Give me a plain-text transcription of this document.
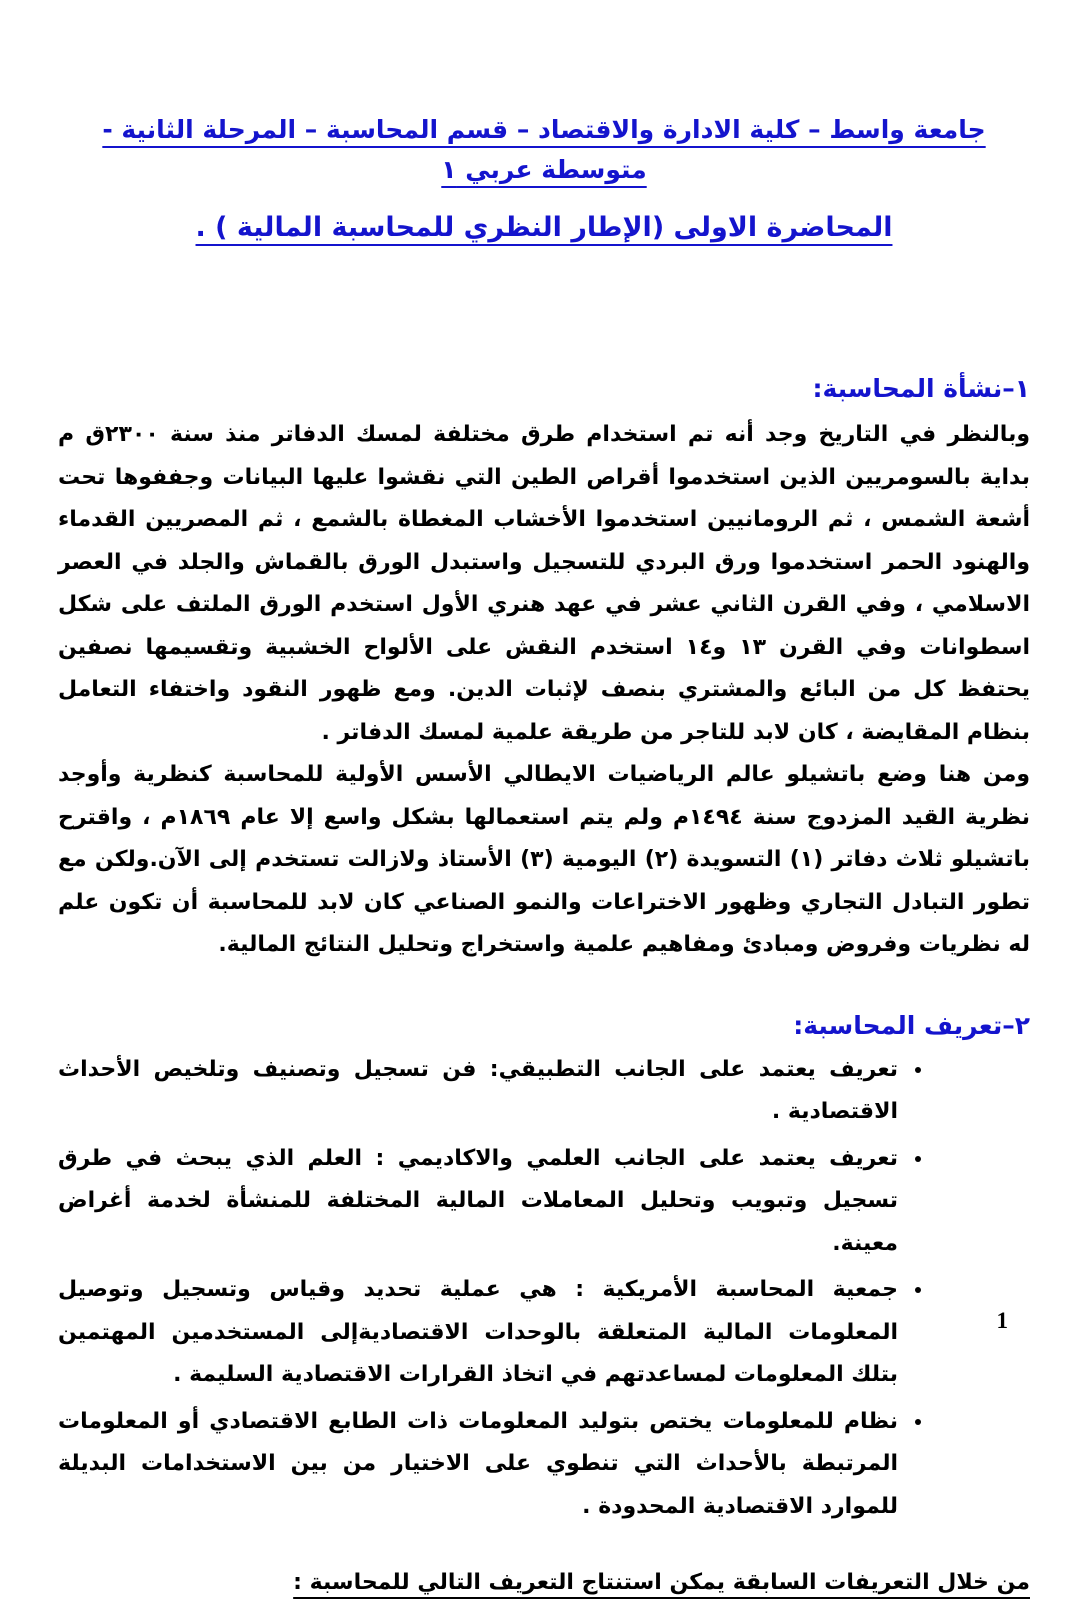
جامعة واسط – كلية الادارة والاقتصاد – قسم المحاسبة – المرحلة الثانية - متوسطة عربي ١
المحاضرة الاولى (الإطار النظري للمحاسبة المالية ) .
١–نشأة المحاسبة:

وبالنظر في التاريخ وجد أنه تم استخدام طرق مختلفة لمسك الدفاتر منذ سنة ٢٣٠٠ق م بداية بالسومريين الذين استخدموا أقراص الطين التي نقشوا عليها البيانات وجففوها تحت أشعة الشمس ، ثم الرومانيين استخدموا الأخشاب المغطاة بالشمع ، ثم المصريين القدماء والهنود الحمر استخدموا ورق البردي للتسجيل واستبدل الورق بالقماش والجلد في العصر الاسلامي ، وفي القرن الثاني عشر في عهد هنري الأول استخدم الورق الملتف على شكل اسطوانات وفي القرن ١٣ و١٤ استخدم النقش على الألواح الخشبية وتقسيمها نصفين يحتفظ كل من البائع والمشتري بنصف لإثبات الدين. ومع ظهور النقود واختفاء التعامل بنظام المقايضة ، كان لابد للتاجر من طريقة علمية لمسك الدفاتر .

ومن هنا وضع باتشيلو عالم الرياضيات الايطالي الأسس الأولية للمحاسبة كنظرية وأوجد نظرية القيد المزدوج سنة ١٤٩٤م ولم يتم استعمالها بشكل واسع إلا عام ١٨٦٩م ، واقترح باتشيلو ثلاث دفاتر (١) التسويدة (٢) اليومية (٣) الأستاذ ولازالت تستخدم إلى الآن.ولكن مع تطور التبادل التجاري وظهور الاختراعات والنمو الصناعي كان لابد للمحاسبة أن تكون علم له نظريات وفروض ومبادئ ومفاهيم علمية واستخراج وتحليل النتائج المالية.

٢–تعريف المحاسبة:
• تعريف يعتمد على الجانب التطبيقي: فن تسجيل وتصنيف وتلخيص الأحداث الاقتصادية .
• تعريف يعتمد على الجانب العلمي والاكاديمي : العلم الذي يبحث في طرق تسجيل وتبويب وتحليل المعاملات المالية المختلفة للمنشأة لخدمة أغراض معينة.
• جمعية المحاسبة الأمريكية : هي عملية تحديد وقياس وتسجيل وتوصيل المعلومات المالية المتعلقة بالوحدات الاقتصاديةإلى المستخدمين المهتمين بتلك المعلومات لمساعدتهم في اتخاذ القرارات الاقتصادية السليمة .
• نظام للمعلومات يختص بتوليد المعلومات ذات الطابع الاقتصادي أو المعلومات المرتبطة بالأحداث التي تنطوي على الاختيار من بين الاستخدامات البديلة للموارد الاقتصادية المحدودة .
من خلال التعريفات السابقة يمكن استنتاج التعريف التالي للمحاسبة :
1
